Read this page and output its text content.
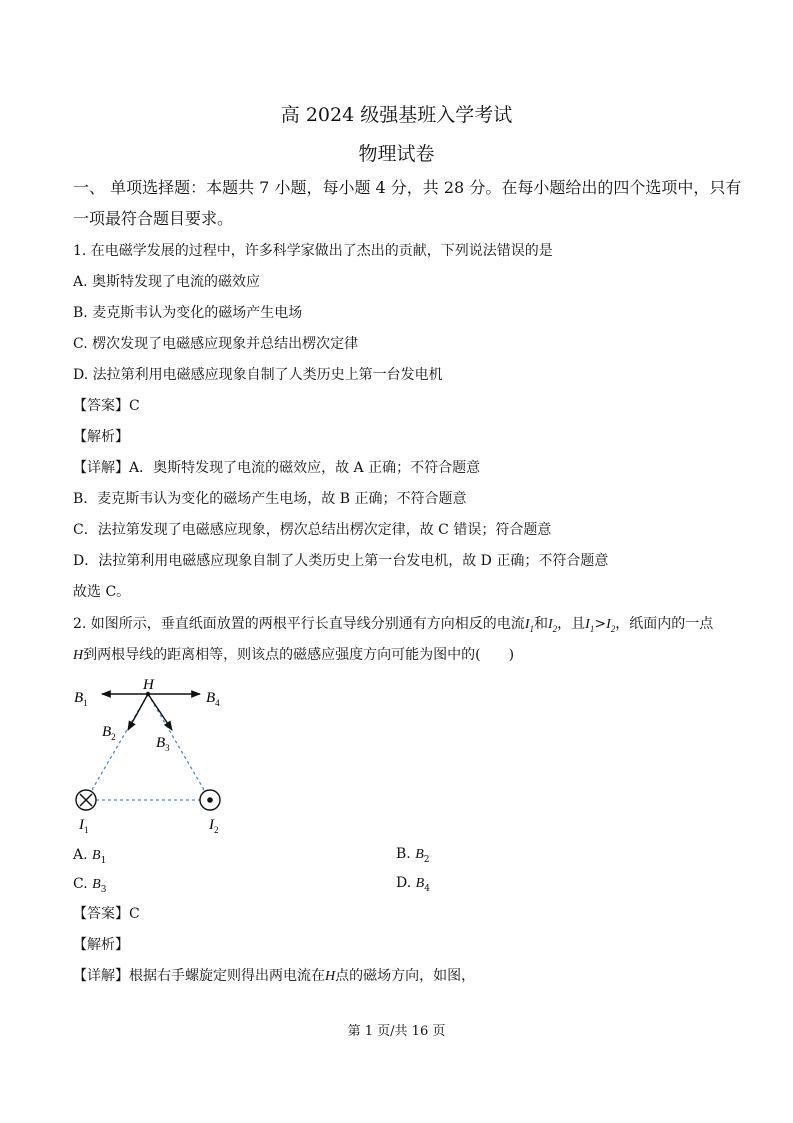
高 2024 级强基班入学考试
物理试卷
一、 单项选择题：本题共 7 小题，每小题 4 分，共 28 分。在每小题给出的四个选项中，只有
一项最符合题目要求。
1. 在电磁学发展的过程中，许多科学家做出了杰出的贡献，下列说法错误的是
A. 奥斯特发现了电流的磁效应
B. 麦克斯韦认为变化的磁场产生电场
C. 楞次发现了电磁感应现象并总结出楞次定律
D. 法拉第利用电磁感应现象自制了人类历史上第一台发电机
【答案】C
【解析】
【详解】A．奥斯特发现了电流的磁效应，故 A 正确；不符合题意
B．麦克斯韦认为变化的磁场产生电场，故 B 正确；不符合题意
C．法拉第发现了电磁感应现象，楞次总结出楞次定律，故 C 错误；符合题意
D．法拉第利用电磁感应现象自制了人类历史上第一台发电机，故 D 正确；不符合题意
故选 C。
2. 如图所示，垂直纸面放置的两根平行长直导线分别通有方向相反的电流$I_1$和$I_2$，且$I_1>I_2$，纸面内的一点
H到两根导线的距离相等，则该点的磁感应强度方向可能为图中的(　　)
H
$B_1$	$B_4$
$B_2$	$B_3$
$I_1$	$I_2$
A. $B_1$	B. $B_2$
C. $B_3$	D. $B_4$
【答案】C
【解析】
【详解】根据右手螺旋定则得出两电流在H点的磁场方向，如图，
第 1 页/共 16 页
